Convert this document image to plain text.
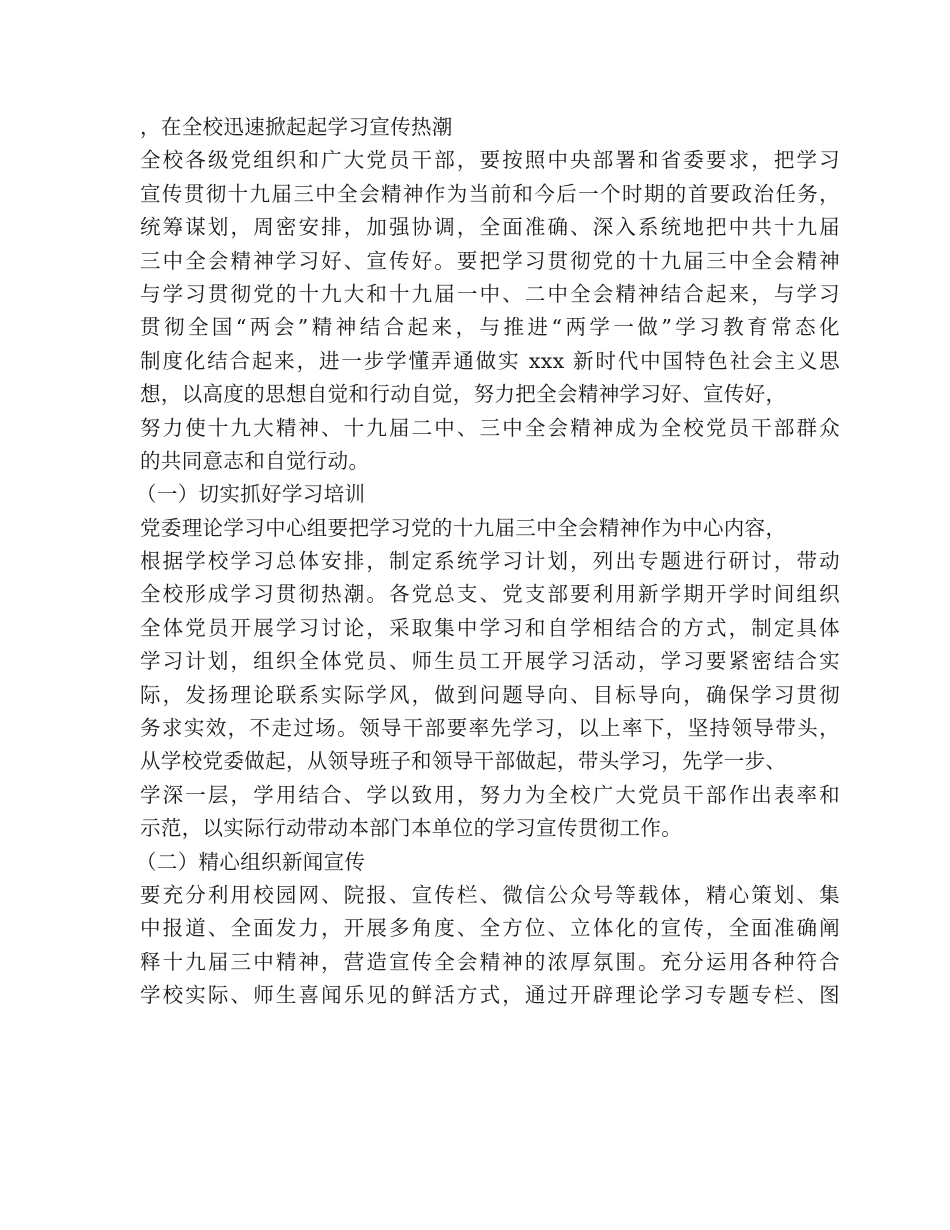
，在全校迅速掀起起学习宣传热潮
全校各级党组织和广大党员干部，要按照中央部署和省委要求，把学习
宣传贯彻十九届三中全会精神作为当前和今后一个时期的首要政治任务，
统筹谋划，周密安排，加强协调，全面准确、深入系统地把中共十九届
三中全会精神学习好、宣传好。要把学习贯彻党的十九届三中全会精神
与学习贯彻党的十九大和十九届一中、二中全会精神结合起来，与学习
贯彻全国“两会”精神结合起来，与推进“两学一做”学习教育常态化
制度化结合起来，进一步学懂弄通做实 xxx 新时代中国特色社会主义思
想，以高度的思想自觉和行动自觉，努力把全会精神学习好、宣传好，
努力使十九大精神、十九届二中、三中全会精神成为全校党员干部群众
的共同意志和自觉行动。
（一）切实抓好学习培训
党委理论学习中心组要把学习党的十九届三中全会精神作为中心内容，
根据学校学习总体安排，制定系统学习计划，列出专题进行研讨，带动
全校形成学习贯彻热潮。各党总支、党支部要利用新学期开学时间组织
全体党员开展学习讨论，采取集中学习和自学相结合的方式，制定具体
学习计划，组织全体党员、师生员工开展学习活动，学习要紧密结合实
际，发扬理论联系实际学风，做到问题导向、目标导向，确保学习贯彻
务求实效，不走过场。领导干部要率先学习，以上率下，坚持领导带头，
从学校党委做起，从领导班子和领导干部做起，带头学习，先学一步、
学深一层，学用结合、学以致用，努力为全校广大党员干部作出表率和
示范，以实际行动带动本部门本单位的学习宣传贯彻工作。
（二）精心组织新闻宣传
要充分利用校园网、院报、宣传栏、微信公众号等载体，精心策划、集
中报道、全面发力，开展多角度、全方位、立体化的宣传，全面准确阐
释十九届三中精神，营造宣传全会精神的浓厚氛围。充分运用各种符合
学校实际、师生喜闻乐见的鲜活方式，通过开辟理论学习专题专栏、图
